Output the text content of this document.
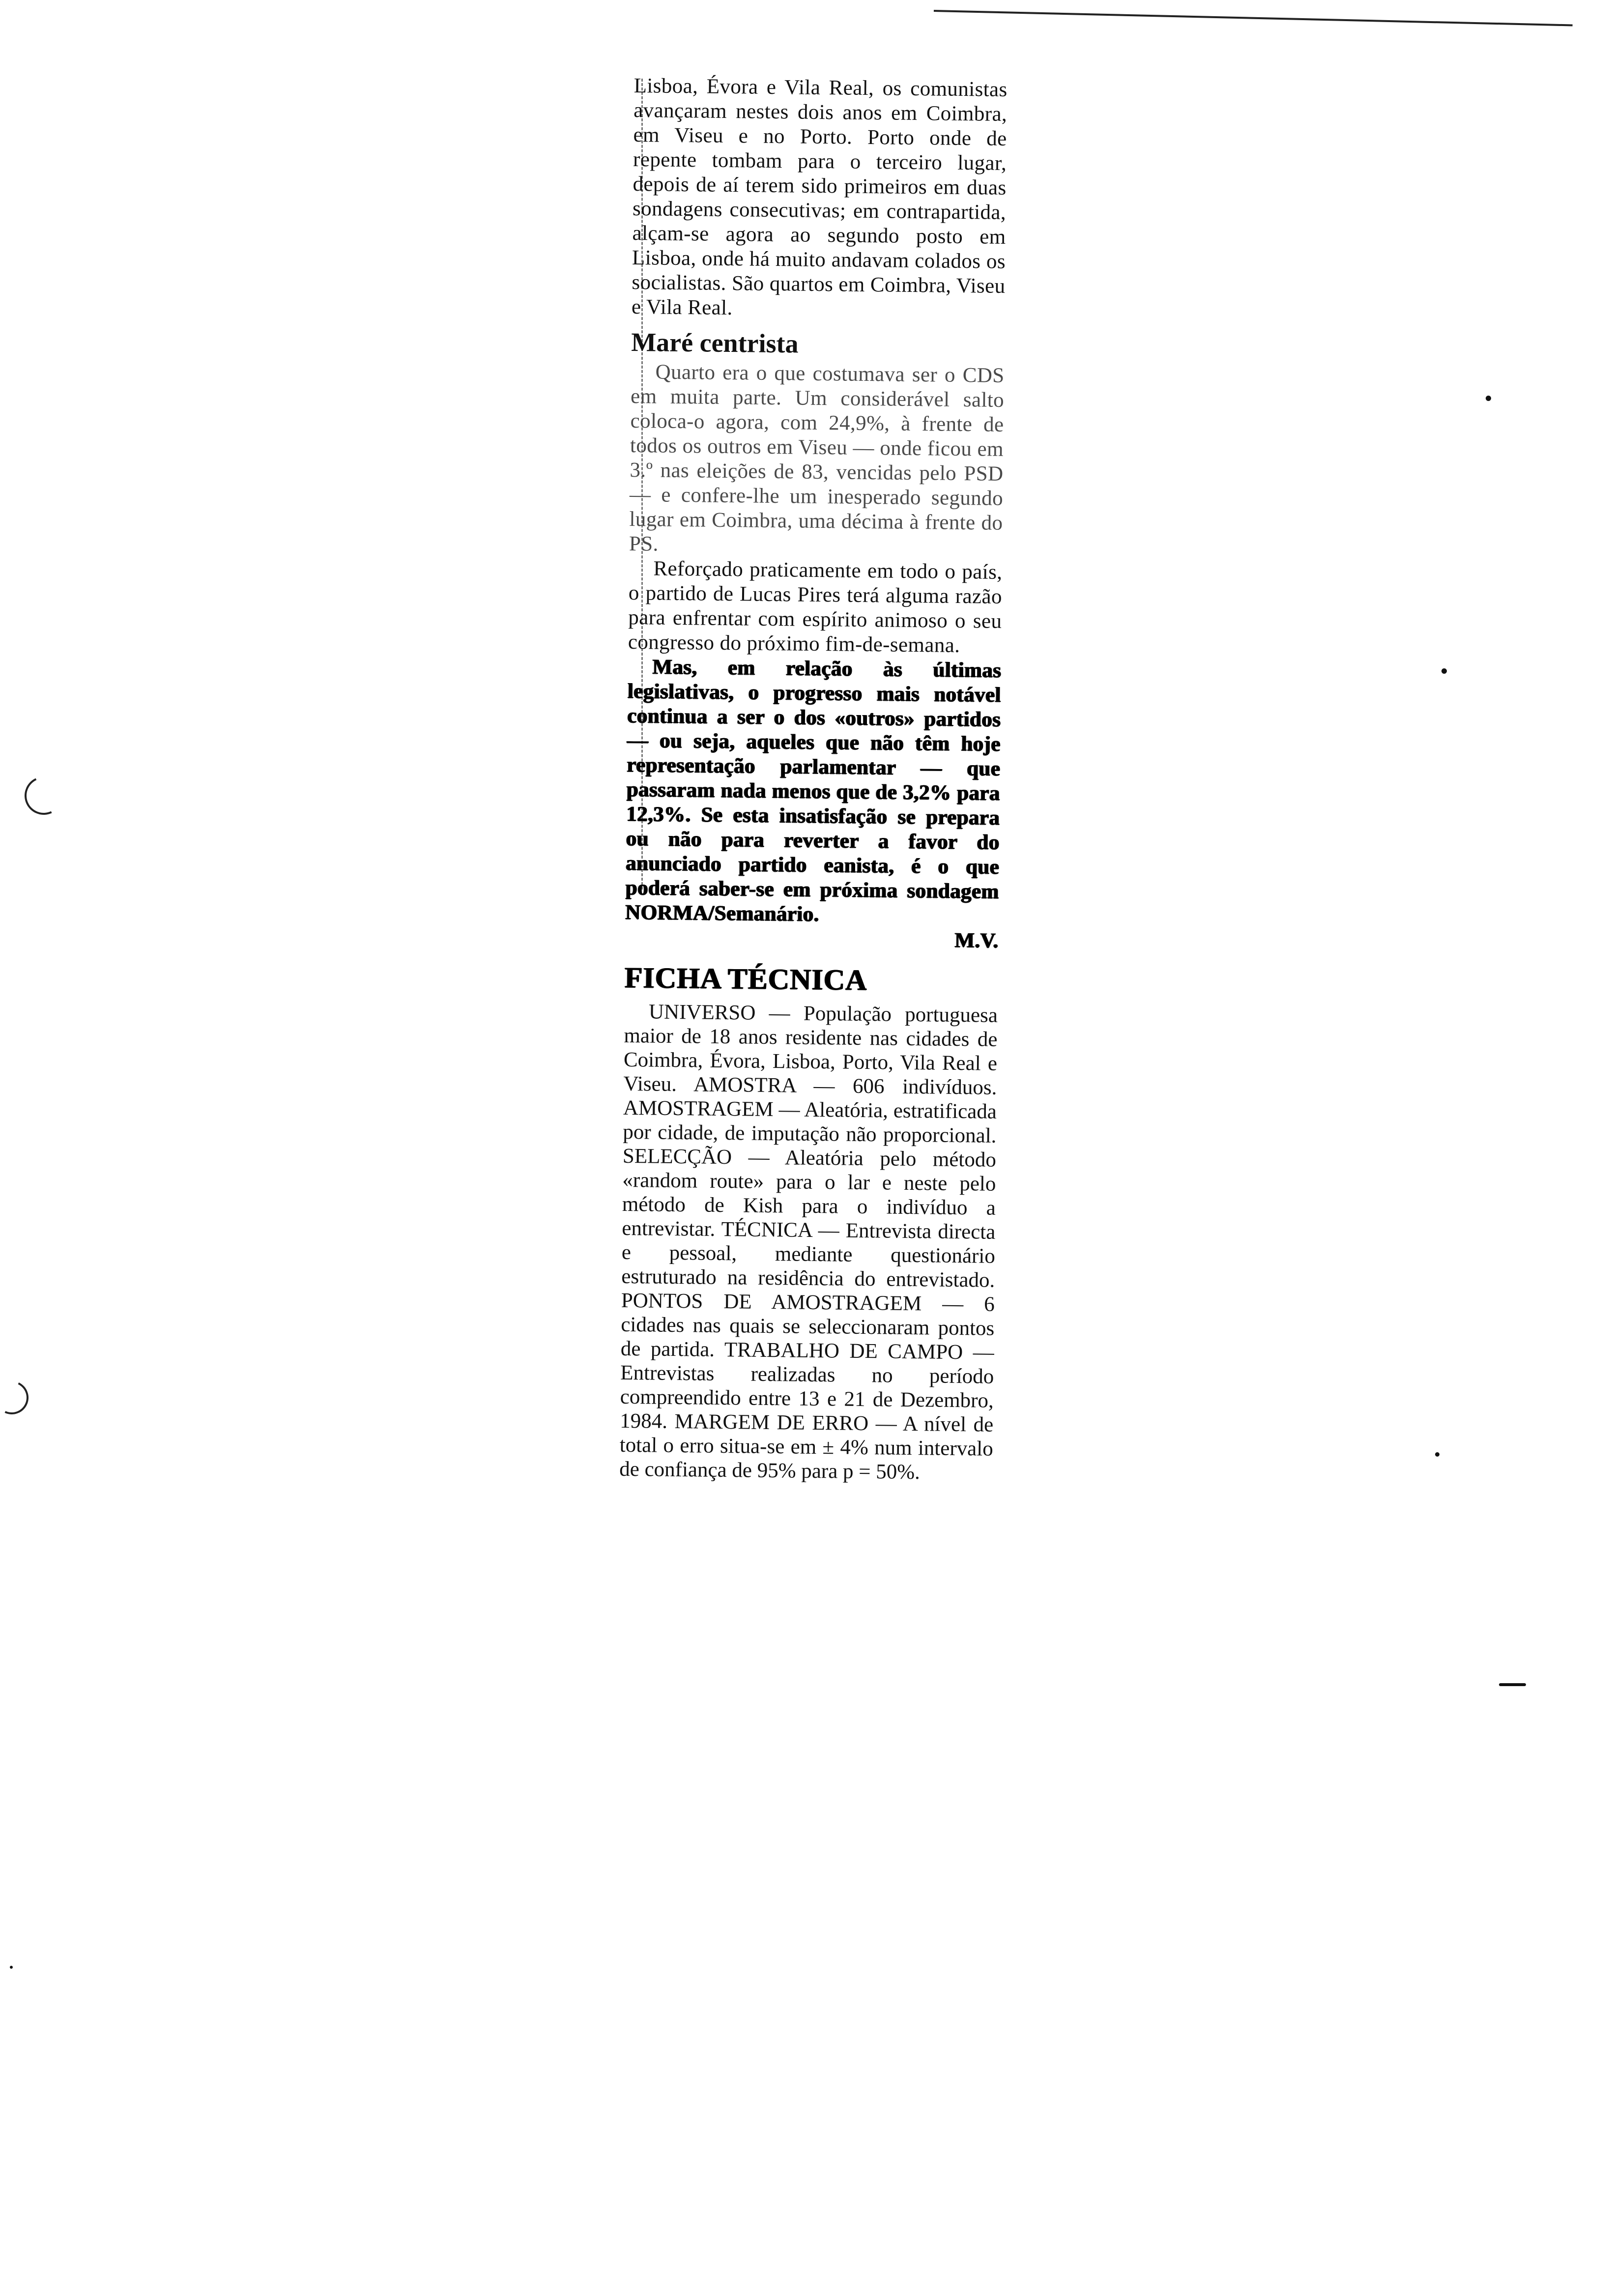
Lisboa, Évora e Vila Real, os comunistas avançaram nestes dois anos em Coimbra, em Viseu e no Porto. Porto onde de repente tombam para o terceiro lugar, depois de aí terem sido primeiros em duas sondagens consecutivas; em contrapartida, alçam-se agora ao segundo posto em Lisboa, onde há muito andavam colados os socialistas. São quartos em Coimbra, Viseu e Vila Real.

Maré centrista

Quarto era o que costumava ser o CDS em muita parte. Um considerável salto coloca-o agora, com 24,9%, à frente de todos os outros em Viseu — onde ficou em 3.º nas eleições de 83, vencidas pelo PSD — e confere-lhe um inesperado segundo lugar em Coimbra, uma décima à frente do PS.

Reforçado praticamente em todo o país, o partido de Lucas Pires terá alguma razão para enfrentar com espírito animoso o seu congresso do próximo fim-de-semana.

Mas, em relação às últimas legislativas, o progresso mais notável continua a ser o dos «outros» partidos — ou seja, aqueles que não têm hoje representação parlamentar — que passaram nada menos que de 3,2% para 12,3%. Se esta insatisfação se prepara ou não para reverter a favor do anunciado partido eanista, é o que poderá saber-se em próxima sondagem NORMA/Semanário.

M.V.
FICHA TÉCNICA

UNIVERSO — População portuguesa maior de 18 anos residente nas cidades de Coimbra, Évora, Lisboa, Porto, Vila Real e Viseu. AMOSTRA — 606 indivíduos. AMOSTRAGEM — Aleatória, estratificada por cidade, de imputação não proporcional. SELECÇÃO — Aleatória pelo método «random route» para o lar e neste pelo método de Kish para o indivíduo a entrevistar. TÉCNICA — Entrevista directa e pessoal, mediante questionário estruturado na residência do entrevistado. PONTOS DE AMOSTRAGEM — 6 cidades nas quais se seleccionaram pontos de partida. TRABALHO DE CAMPO — Entrevistas realizadas no período compreendido entre 13 e 21 de Dezembro, 1984. MARGEM DE ERRO — A nível de total o erro situa-se em ± 4% num intervalo de confiança de 95% para p = 50%.
